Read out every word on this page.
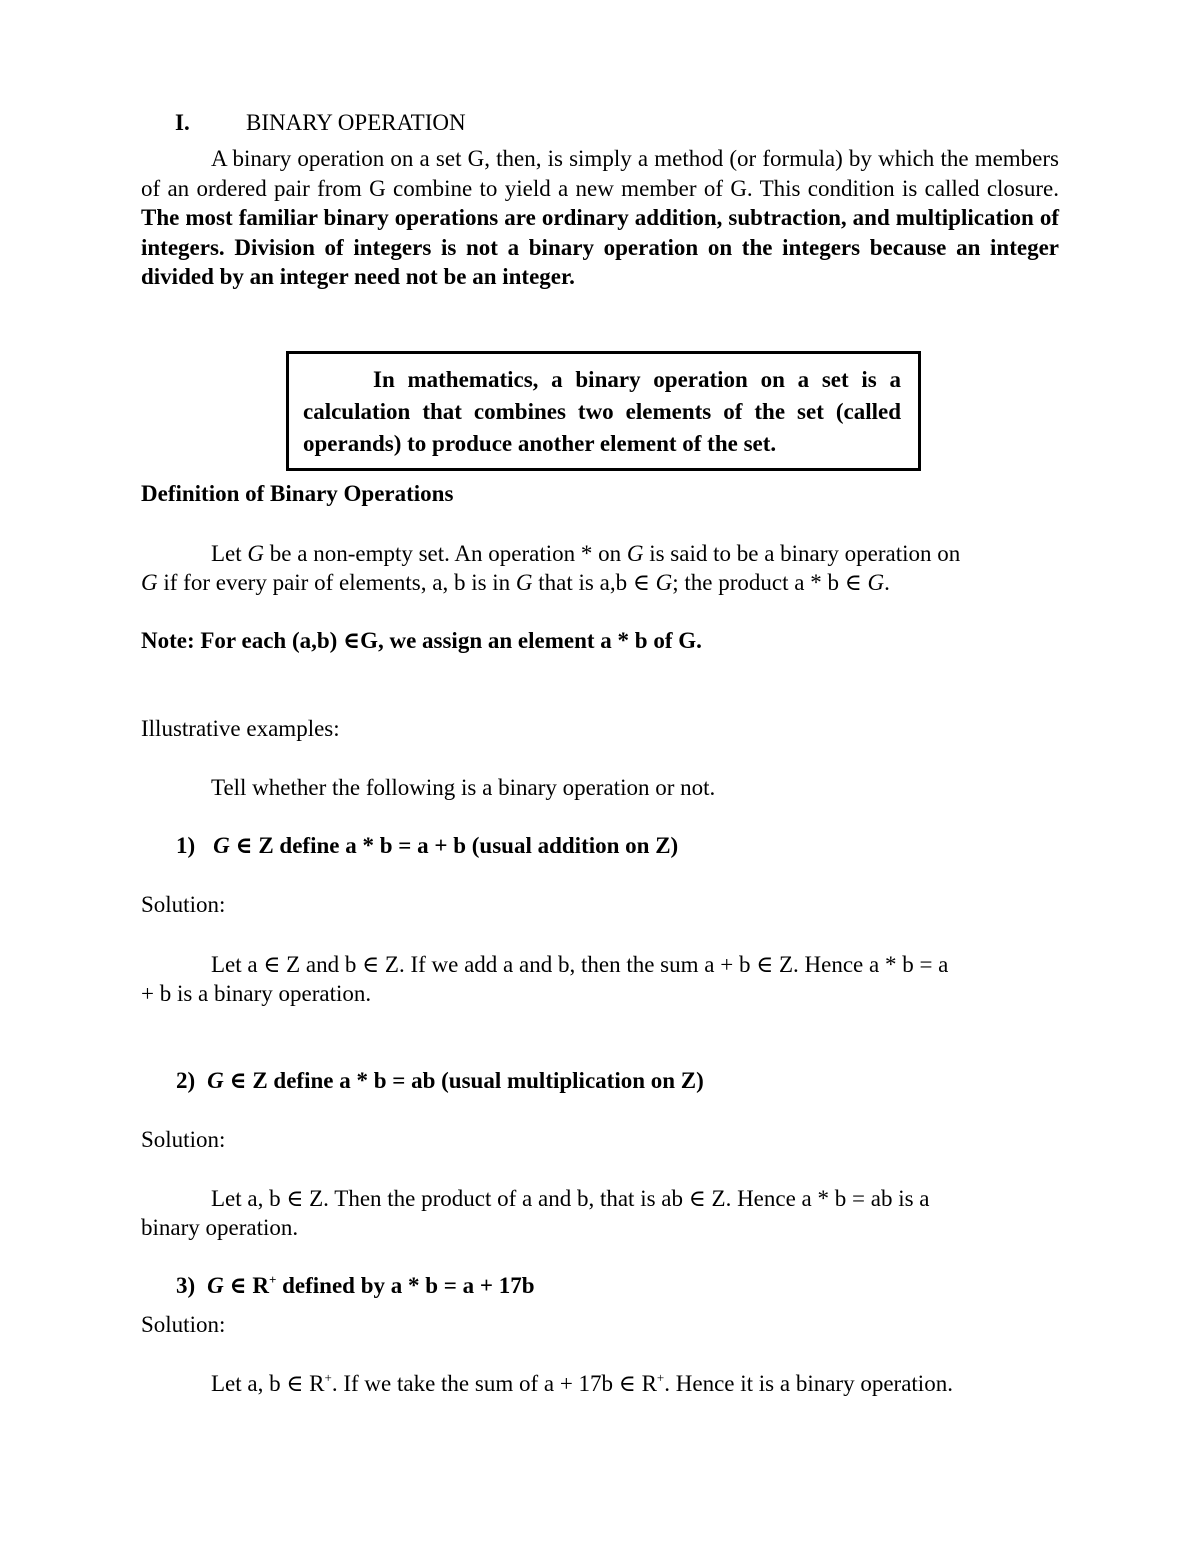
I. BINARY OPERATION
A binary operation on a set G, then, is simply a method (or formula) by which the members of an ordered pair from G combine to yield a new member of G. This condition is called closure. The most familiar binary operations are ordinary addition, subtraction, and multiplication of integers. Division of integers is not a binary operation on the integers because an integer divided by an integer need not be an integer.
In mathematics, a binary operation on a set is a calculation that combines two elements of the set (called operands) to produce another element of the set.
Definition of Binary Operations
Let G be a non-empty set. An operation * on G is said to be a binary operation on
G if for every pair of elements, a, b is in G that is a,b ∈ G; the product a * b ∈ G.
Note: For each (a,b) ∈G, we assign an element a * b of G.
Illustrative examples:
Tell whether the following is a binary operation or not.
1) G ∈ Z define a * b = a + b (usual addition on Z)
Solution:
Let a ∈ Z and b ∈ Z. If we add a and b, then the sum a + b ∈ Z. Hence a * b = a
+ b is a binary operation.
2) G ∈ Z define a * b = ab (usual multiplication on Z)
Solution:
Let a, b ∈ Z. Then the product of a and b, that is ab ∈ Z. Hence a * b = ab is a
binary operation.
3) G ∈ R+ defined by a * b = a + 17b
Solution:
Let a, b ∈ R+. If we take the sum of a + 17b ∈ R+. Hence it is a binary operation.
